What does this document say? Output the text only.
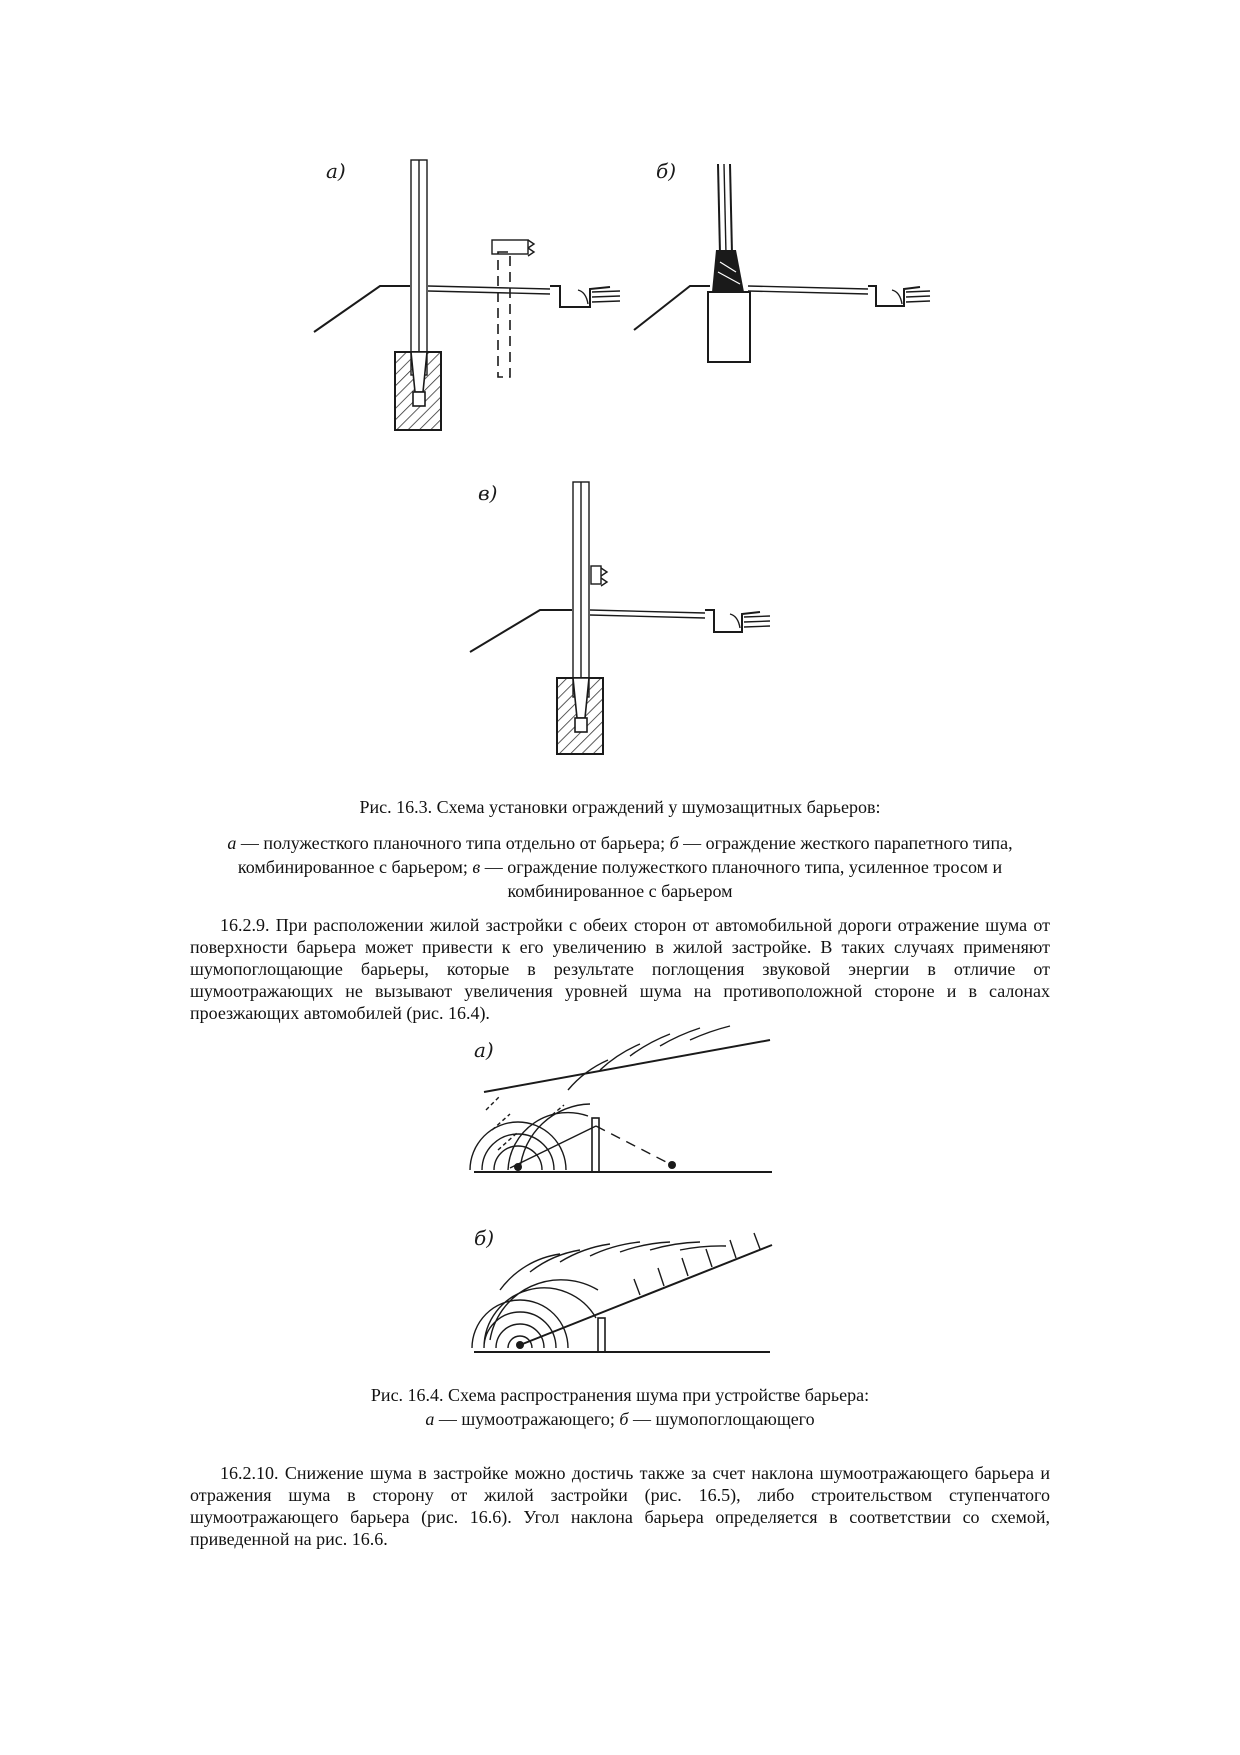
а)	б)
в)
Рис. 16.3. Схема установки ограждений у шумозащитных барьеров:
а — полужесткого планочного типа отдельно от барьера; б — ограждение жесткого парапетного типа, комбинированное с барьером; в — ограждение полужесткого планочного типа, усиленное тросом и комбинированное с барьером
16.2.9. При расположении жилой застройки с обеих сторон от автомобильной дороги отражение шума от поверхности барьера может привести к его увеличению в жилой застройке. В таких случаях применяют шумопоглощающие барьеры, которые в результате поглощения звуковой энергии в отличие от шумоотражающих не вызывают увеличения уровней шума на противоположной стороне и в салонах проезжающих автомобилей (рис. 16.4).
а)
б)
Рис. 16.4. Схема распространения шума при устройстве барьера:
а — шумоотражающего; б — шумопоглощающего
16.2.10. Снижение шума в застройке можно достичь также за счет наклона шумоотражающего барьера и отражения шума в сторону от жилой застройки (рис. 16.5), либо строительством ступенчатого шумоотражающего барьера (рис. 16.6). Угол наклона барьера определяется в соответствии со схемой, приведенной на рис. 16.6.
